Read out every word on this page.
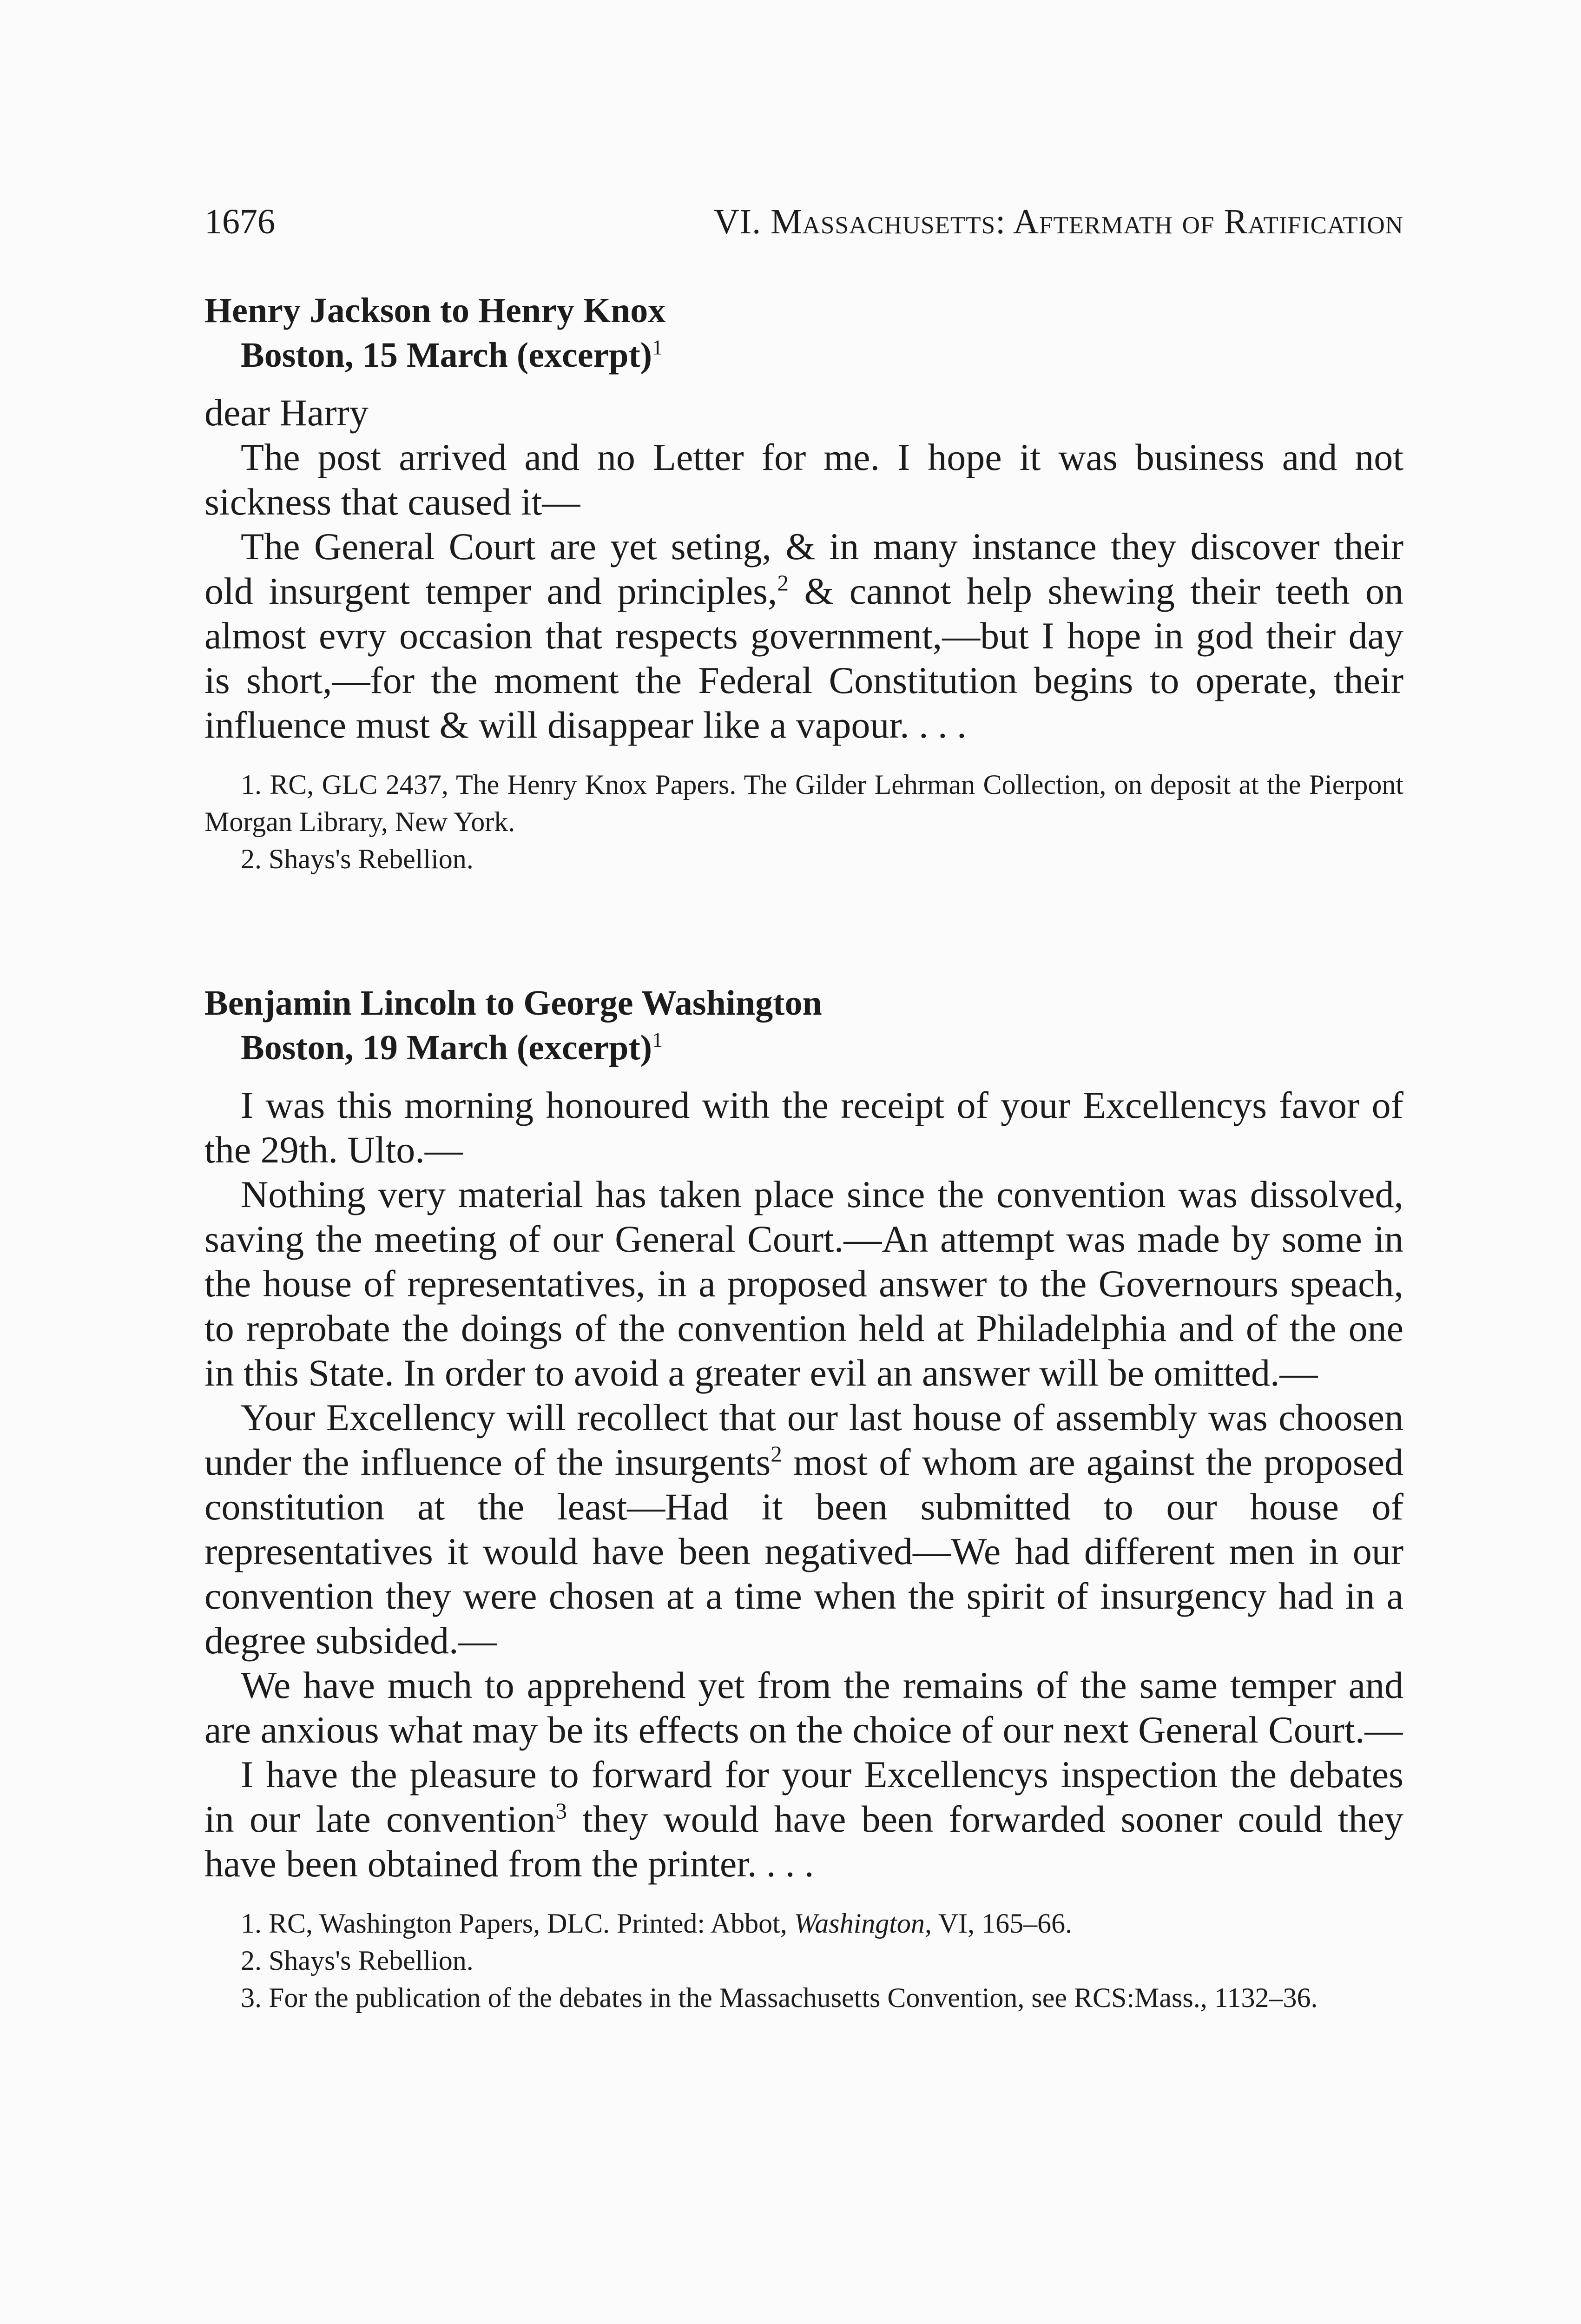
1676	VI. Massachusetts: Aftermath of Ratification

Henry Jackson to Henry Knox

Boston, 15 March (excerpt)$^1$

dear Harry

The post arrived and no Letter for me. I hope it was business and not sickness that caused it—

The General Court are yet seting, & in many instance they discover their old insurgent temper and principles,$^2$ & cannot help shewing their teeth on almost evry occasion that respects government,—but I hope in god their day is short,—for the moment the Federal Constitution begins to operate, their influence must & will disappear like a vapour. . . .

1. RC, GLC 2437, The Henry Knox Papers. The Gilder Lehrman Collection, on deposit at the Pierpont Morgan Library, New York.

2. Shays's Rebellion.

Benjamin Lincoln to George Washington

Boston, 19 March (excerpt)$^1$

I was this morning honoured with the receipt of your Excellencys favor of the 29th. Ulto.—

Nothing very material has taken place since the convention was dissolved, saving the meeting of our General Court.—An attempt was made by some in the house of representatives, in a proposed answer to the Governours speach, to reprobate the doings of the convention held at Philadelphia and of the one in this State. In order to avoid a greater evil an answer will be omitted.—

Your Excellency will recollect that our last house of assembly was choosen under the influence of the insurgents$^2$ most of whom are against the proposed constitution at the least—Had it been submitted to our house of representatives it would have been negatived—We had different men in our convention they were chosen at a time when the spirit of insurgency had in a degree subsided.—

We have much to apprehend yet from the remains of the same temper and are anxious what may be its effects on the choice of our next General Court.—

I have the pleasure to forward for your Excellencys inspection the debates in our late convention$^3$ they would have been forwarded sooner could they have been obtained from the printer. . . .

1. RC, Washington Papers, DLC. Printed: Abbot, Washington, VI, 165–66.

2. Shays's Rebellion.

3. For the publication of the debates in the Massachusetts Convention, see RCS:Mass., 1132–36.
